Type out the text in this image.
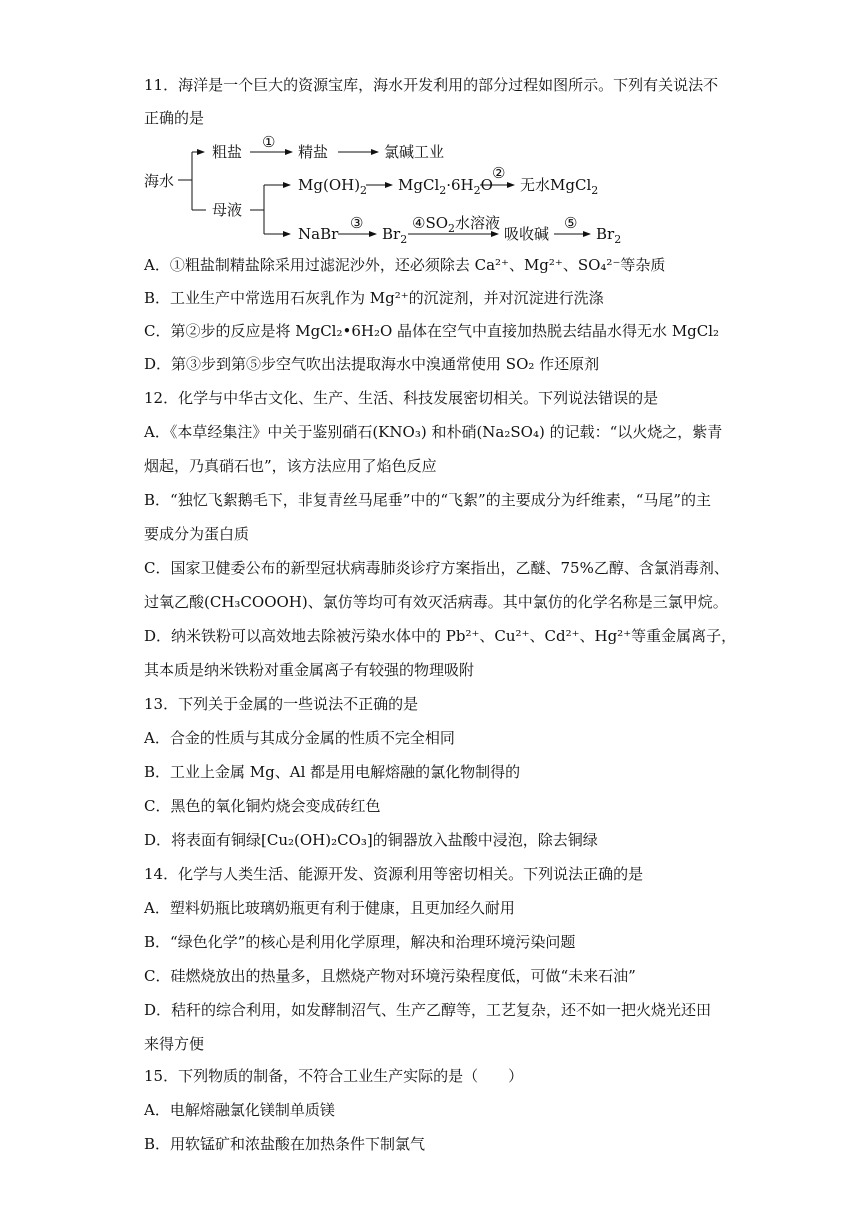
11．海洋是一个巨大的资源宝库，海水开发利用的部分过程如图所示。下列有关说法不
正确的是
海水
粗盐
①
精盐	氯碱工业
母液
$Mg(OH)_2$ $MgCl_2\cdot 6H_2O$
②
无水MgCl$_2$
NaBr
③
$Br_2$
$④SO_2$水溶液
吸收碱
⑤
$Br_2$
A．①粗盐制精盐除采用过滤泥沙外，还必须除去 Ca²⁺、Mg²⁺、SO₄²⁻等杂质
B．工业生产中常选用石灰乳作为 Mg²⁺的沉淀剂，并对沉淀进行洗涤
C．第②步的反应是将 MgCl₂•6H₂O 晶体在空气中直接加热脱去结晶水得无水 MgCl₂
D．第③步到第⑤步空气吹出法提取海水中溴通常使用 SO₂ 作还原剂
12．化学与中华古文化、生产、生活、科技发展密切相关。下列说法错误的是
A．《本草经集注》中关于鉴别硝石(KNO₃) 和朴硝(Na₂SO₄) 的记载：“以火烧之，紫青
烟起，乃真硝石也”，该方法应用了焰色反应
B．“独忆飞絮鹅毛下，非复青丝马尾垂”中的“飞絮”的主要成分为纤维素，“马尾”的主
要成分为蛋白质
C．国家卫健委公布的新型冠状病毒肺炎诊疗方案指出，乙醚、75%乙醇、含氯消毒剂、
过氧乙酸(CH₃COOOH)、氯仿等均可有效灭活病毒。其中氯仿的化学名称是三氯甲烷。
D．纳米铁粉可以高效地去除被污染水体中的 Pb²⁺、Cu²⁺、Cd²⁺、Hg²⁺等重金属离子，
其本质是纳米铁粉对重金属离子有较强的物理吸附
13．下列关于金属的一些说法不正确的是
A．合金的性质与其成分金属的性质不完全相同
B．工业上金属 Mg、Al 都是用电解熔融的氯化物制得的
C．黑色的氧化铜灼烧会变成砖红色
D．将表面有铜绿[Cu₂(OH)₂CO₃]的铜器放入盐酸中浸泡，除去铜绿
14．化学与人类生活、能源开发、资源利用等密切相关。下列说法正确的是
A．塑料奶瓶比玻璃奶瓶更有利于健康，且更加经久耐用
B．“绿色化学”的核心是利用化学原理，解决和治理环境污染问题
C．硅燃烧放出的热量多，且燃烧产物对环境污染程度低，可做“未来石油”
D．秸秆的综合利用，如发酵制沼气、生产乙醇等，工艺复杂，还不如一把火烧光还田
来得方便
15．下列物质的制备，不符合工业生产实际的是（　　）
A．电解熔融氯化镁制单质镁
B．用软锰矿和浓盐酸在加热条件下制氯气
